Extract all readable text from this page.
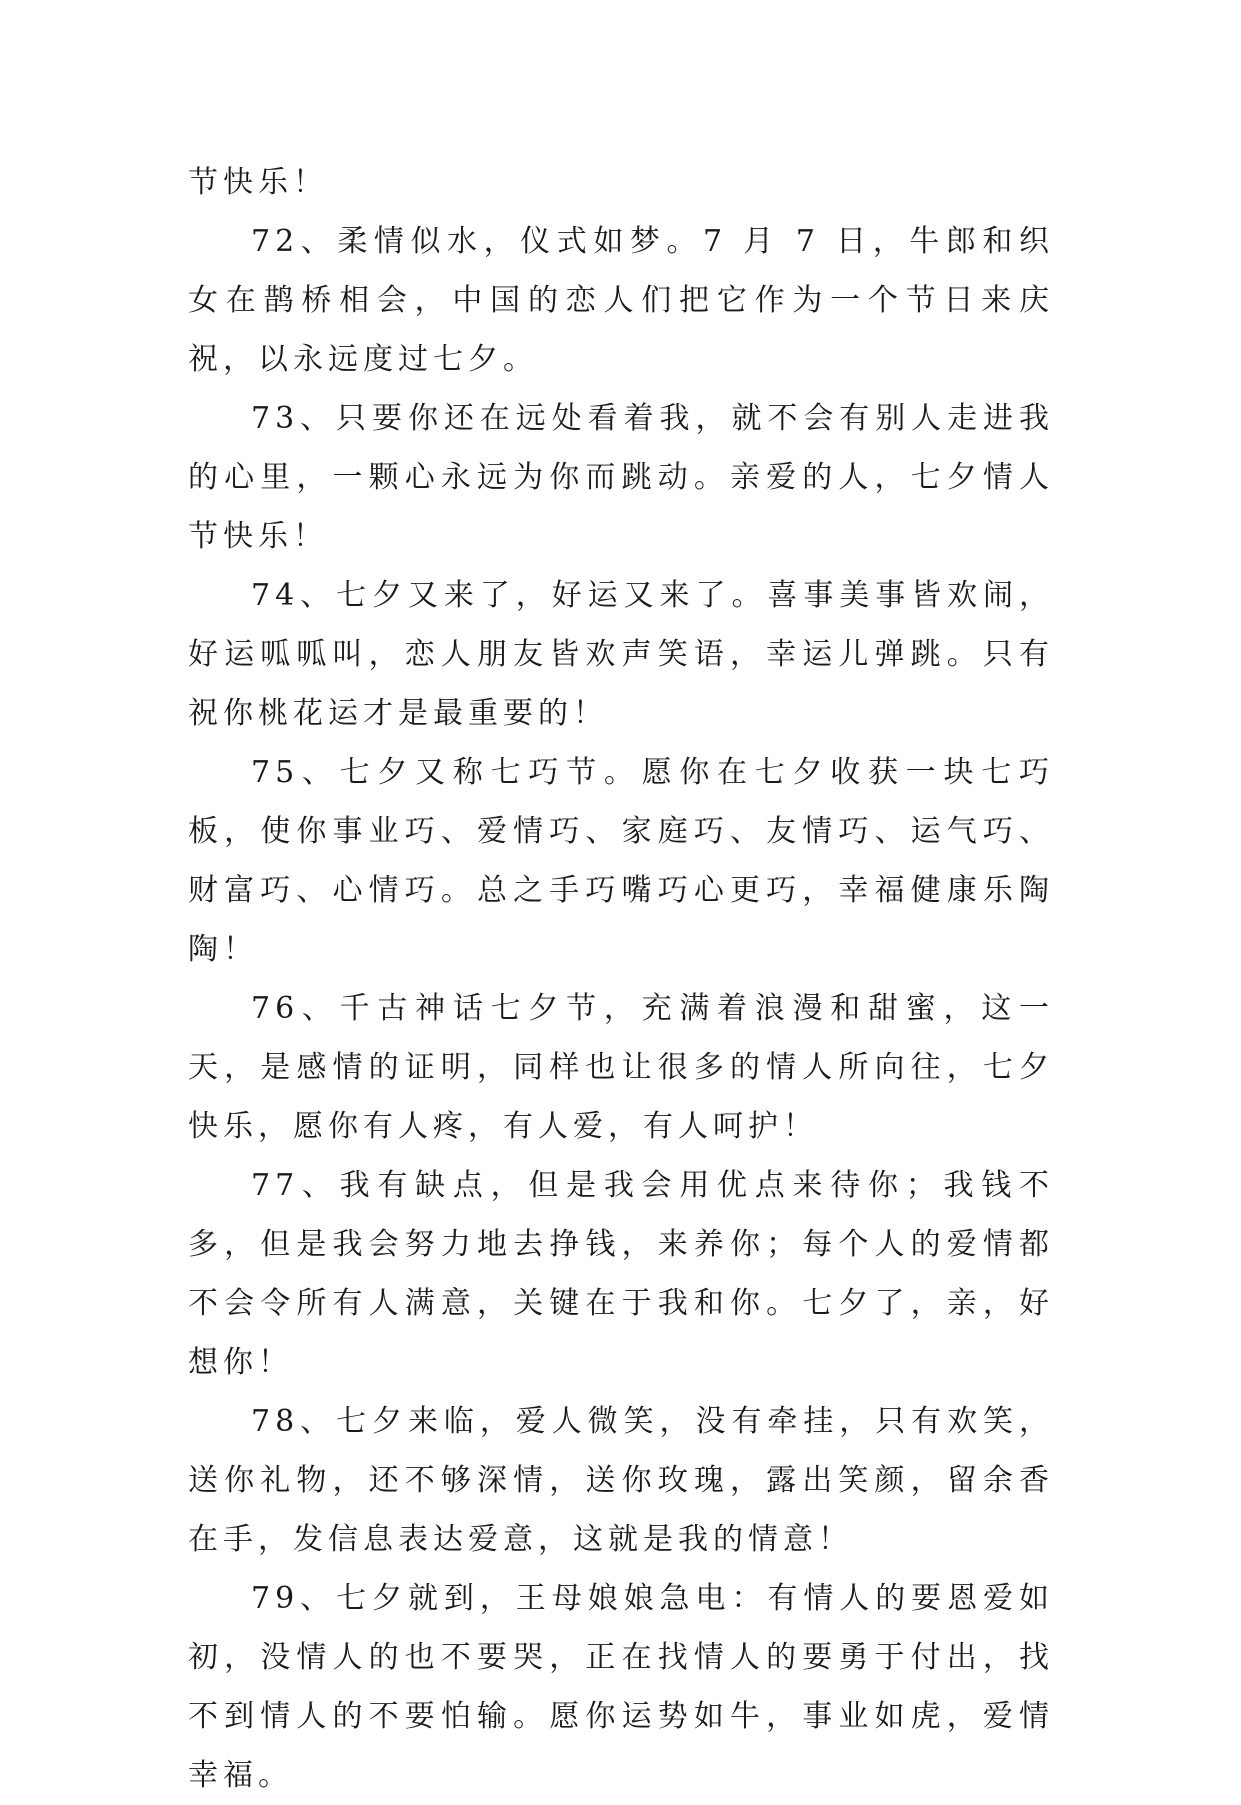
节快乐！

72、柔情似水，仪式如梦。7 月 7 日，牛郎和织女在鹊桥相会，中国的恋人们把它作为一个节日来庆祝，以永远度过七夕。

73、只要你还在远处看着我，就不会有别人走进我的心里，一颗心永远为你而跳动。亲爱的人，七夕情人节快乐！

74、七夕又来了，好运又来了。喜事美事皆欢闹，好运呱呱叫，恋人朋友皆欢声笑语，幸运儿弹跳。只有祝你桃花运才是最重要的！

75、七夕又称七巧节。愿你在七夕收获一块七巧板，使你事业巧、爱情巧、家庭巧、友情巧、运气巧、财富巧、心情巧。总之手巧嘴巧心更巧，幸福健康乐陶陶！

76、千古神话七夕节，充满着浪漫和甜蜜，这一天，是感情的证明，同样也让很多的情人所向往，七夕快乐，愿你有人疼，有人爱，有人呵护！

77、我有缺点，但是我会用优点来待你；我钱不多，但是我会努力地去挣钱，来养你；每个人的爱情都不会令所有人满意，关键在于我和你。七夕了，亲，好想你！

78、七夕来临，爱人微笑，没有牵挂，只有欢笑，送你礼物，还不够深情，送你玫瑰，露出笑颜，留余香在手，发信息表达爱意，这就是我的情意！

79、七夕就到，王母娘娘急电：有情人的要恩爱如初，没情人的也不要哭，正在找情人的要勇于付出，找不到情人的不要怕输。愿你运势如牛，事业如虎，爱情幸福。
